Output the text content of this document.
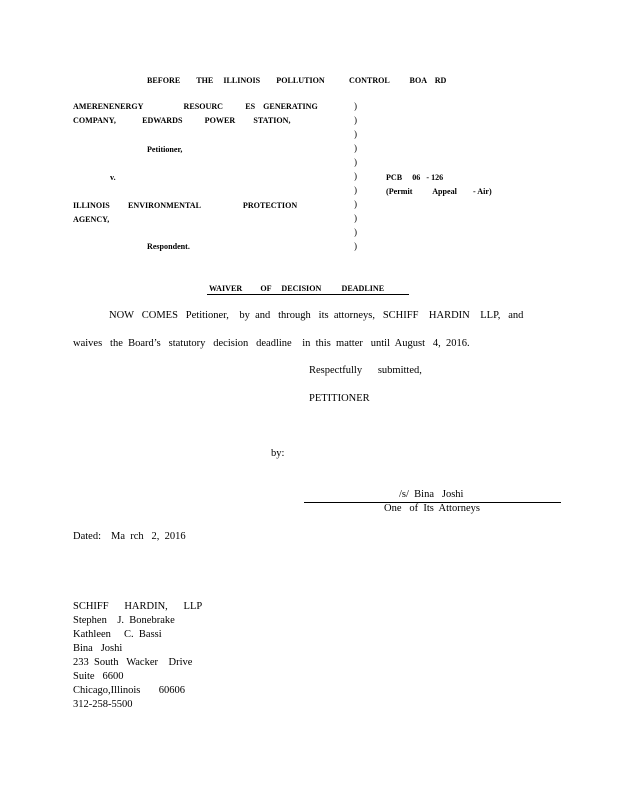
BEFORE        THE     ILLINOIS        POLLUTION            CONTROL          BOA    RD
AMERENENERGY                    RESOURC           ES    GENERATING
COMPANY,             EDWARDS           POWER         STATION,
Petitioner,
v.
ILLINOIS         ENVIRONMENTAL                     PROTECTION
AGENCY,
Respondent.
)
)
)
)
)
)
)
)
)
)
)
PCB     06   - 126
(Permit          Appeal        - Air)
WAIVER         OF     DECISION          DEADLINE
NOW   COMES   Petitioner,    by  and   through   its  attorneys,   SCHIFF    HARDIN    LLP,   and
waives   the  Board’s   statutory   decision   deadline    in  this  matter   until  August   4,  2016.
Respectfully      submitted,
PETITIONER
by:
/s/  Bina   Joshi
One   of  Its  Attorneys
Dated: Ma  rch   2,  2016
SCHIFF      HARDIN,      LLP
Stephen    J.  Bonebrake
Kathleen     C.  Bassi
Bina   Joshi
233  South   Wacker    Drive
Suite   6600
Chicago,Illinois       60606
312-258-5500
